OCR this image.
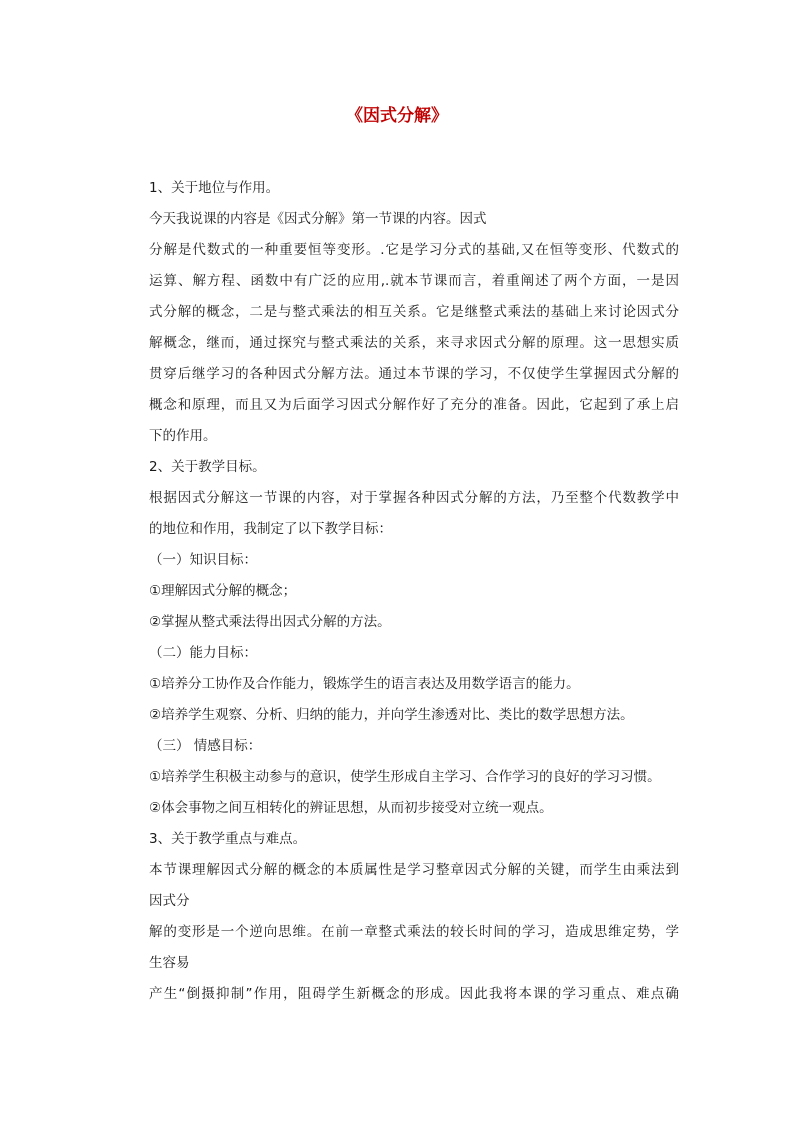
《因式分解》
1、关于地位与作用。
今天我说课的内容是《因式分解》第一节课的内容。因式
分解是代数式的一种重要恒等变形。.它是学习分式的基础,又在恒等变形、代数式的
运算、解方程、函数中有广泛的应用,.就本节课而言，着重阐述了两个方面，一是因
式分解的概念，二是与整式乘法的相互关系。它是继整式乘法的基础上来讨论因式分
解概念，继而，通过探究与整式乘法的关系，来寻求因式分解的原理。这一思想实质
贯穿后继学习的各种因式分解方法。通过本节课的学习，不仅使学生掌握因式分解的
概念和原理，而且又为后面学习因式分解作好了充分的准备。因此，它起到了承上启
下的作用。
2、关于教学目标。
根据因式分解这一节课的内容，对于掌握各种因式分解的方法，乃至整个代数教学中
的地位和作用，我制定了以下教学目标：
（一）知识目标：
①理解因式分解的概念；
②掌握从整式乘法得出因式分解的方法。
（二）能力目标：
①培养分工协作及合作能力，锻炼学生的语言表达及用数学语言的能力。
②培养学生观察、分析、归纳的能力，并向学生渗透对比、类比的数学思想方法。
（三） 情感目标：
①培养学生积极主动参与的意识，使学生形成自主学习、合作学习的良好的学习习惯。
②体会事物之间互相转化的辨证思想，从而初步接受对立统一观点。
3、关于教学重点与难点。
本节课理解因式分解的概念的本质属性是学习整章因式分解的关键，而学生由乘法到
因式分
解的变形是一个逆向思维。在前一章整式乘法的较长时间的学习，造成思维定势，学
生容易
产生“倒摄抑制”作用，阻碍学生新概念的形成。因此我将本课的学习重点、难点确
